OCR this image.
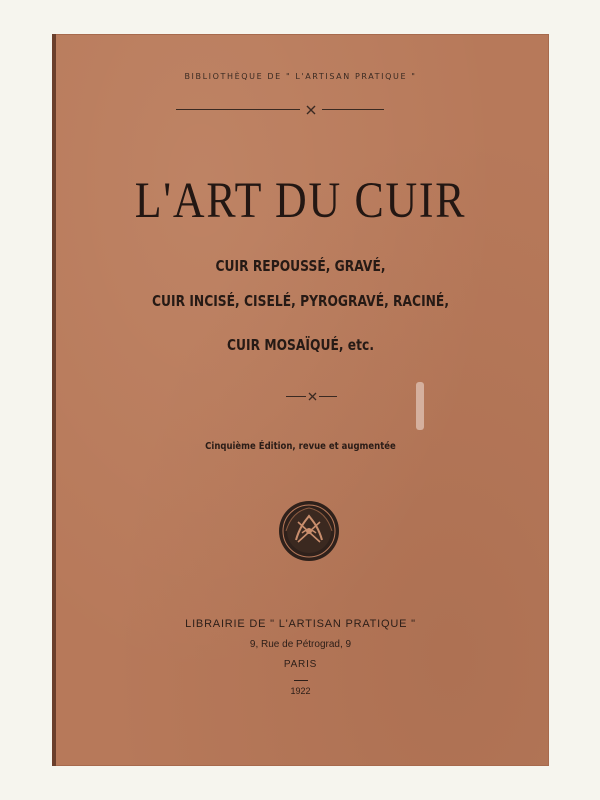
BIBLIOTHÈQUE DE " L'ARTISAN PRATIQUE "
L'ART DU CUIR
CUIR REPOUSSÉ, GRAVÉ,
CUIR INCISÉ, CISELÉ, PYROGRAVÉ, RACINÉ,
CUIR MOSAÏQUÉ, etc.
Cinquième Édition, revue et augmentée
LIBRAIRIE DE " L'ARTISAN PRATIQUE "
9, Rue de Pétrograd, 9
PARIS
1922
